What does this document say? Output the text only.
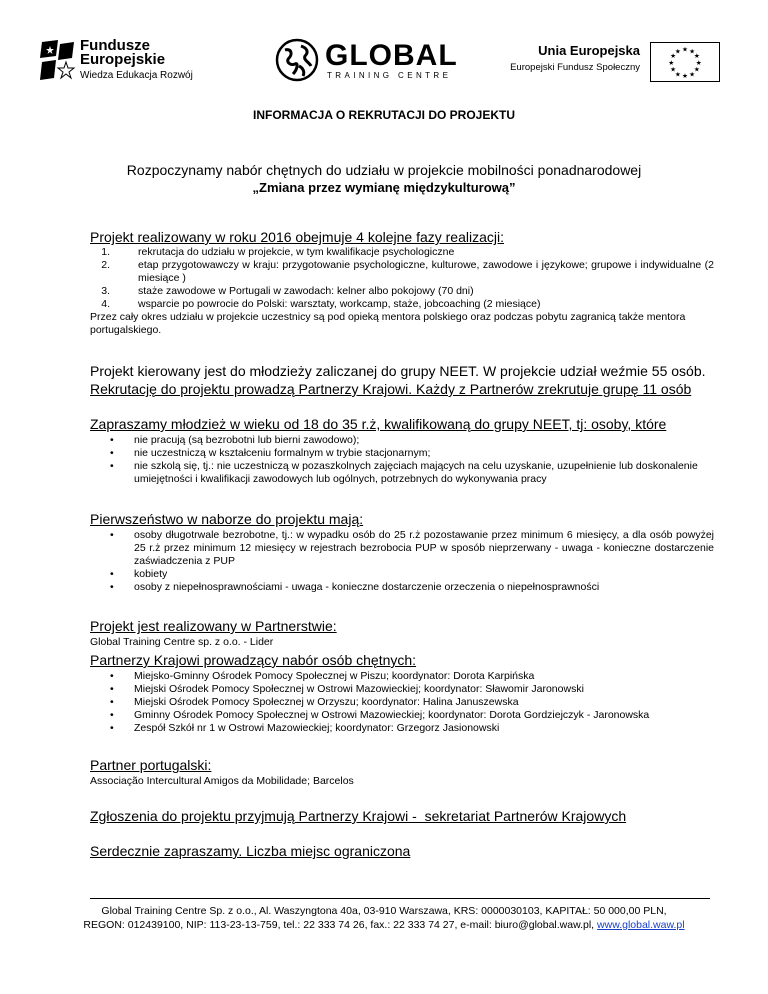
Fundusze
Europejskie
Wiedza Edukacja Rozwój
GLOBAL
TRAINING CENTRE
Unia Europejska
Europejski Fundusz Społeczny
★ ★
★
★
★
★
★
★
★
★
★
★
INFORMACJA O REKRUTACJI DO PROJEKTU
Rozpoczynamy nabór chętnych do udziału w projekcie mobilności ponadnarodowej
„Zmiana przez wymianę międzykulturową”
Projekt realizowany w roku 2016 obejmuje 4 kolejne fazy realizacji:
1.	rekrutacja do udziału w projekcie, w tym kwalifikacje psychologiczne
2.	etap przygotowawczy w kraju: przygotowanie psychologiczne, kulturowe, zawodowe i językowe; grupowe i indywidualne (2 miesiące )
3.	staże zawodowe w Portugali w zawodach: kelner albo pokojowy (70 dni)
4.	wsparcie po powrocie do Polski: warsztaty, workcamp, staże, jobcoaching (2 miesiące)
Przez cały okres udziału w projekcie uczestnicy są pod opieką mentora polskiego oraz podczas pobytu zagranicą także mentora portugalskiego.
Projekt kierowany jest do młodzieży zaliczanej do grupy NEET. W projekcie udział weźmie 55 osób.
Rekrutację do projektu prowadzą Partnerzy Krajowi. Każdy z Partnerów zrekrutuje grupę 11 osób
Zapraszamy młodzież w wieku od 18 do 35 r.ż, kwalifikowaną do grupy NEET, tj: osoby, które
• nie pracują (są bezrobotni lub bierni zawodowo);
• nie uczestniczą w kształceniu formalnym w trybie stacjonarnym;
• nie szkolą się, tj.: nie uczestniczą w pozaszkolnych zajęciach mających na celu uzyskanie, uzupełnienie lub doskonalenie umiejętności i kwalifikacji zawodowych lub ogólnych, potrzebnych do wykonywania pracy
Pierwszeństwo w naborze do projektu mają:
• osoby długotrwale bezrobotne, tj.: w wypadku osób do 25 r.ż pozostawanie przez minimum 6 miesięcy, a dla osób powyżej 25 r.ż przez minimum 12 miesięcy w rejestrach bezrobocia PUP w sposób nieprzerwany - uwaga - konieczne dostarczenie zaświadczenia z PUP
• kobiety
• osoby z niepełnosprawnościami - uwaga - konieczne dostarczenie orzeczenia o niepełnosprawności
Projekt jest realizowany w Partnerstwie:
Global Training Centre sp. z o.o. - Lider
Partnerzy Krajowi prowadzący nabór osób chętnych:
• Miejsko-Gminny Ośrodek Pomocy Społecznej w Piszu; koordynator: Dorota Karpińska
• Miejski Ośrodek Pomocy Społecznej w Ostrowi Mazowieckiej; koordynator: Sławomir Jaronowski
• Miejski Ośrodek Pomocy Społecznej w Orzyszu; koordynator: Halina Januszewska
• Gminny Ośrodek Pomocy Społecznej w Ostrowi Mazowieckiej; koordynator: Dorota Gordziejczyk - Jaronowska
• Zespół Szkół nr 1 w Ostrowi Mazowieckiej; koordynator: Grzegorz Jasionowski
Partner portugalski:
Associação Intercultural Amigos da Mobilidade; Barcelos
Zgłoszenia do projektu przyjmują Partnerzy Krajowi -  sekretariat Partnerów Krajowych
Serdecznie zapraszamy. Liczba miejsc ograniczona
Global Training Centre Sp. z o.o., Al. Waszyngtona 40a, 03-910 Warszawa, KRS: 0000030103, KAPITAŁ: 50 000,00 PLN,
REGON: 012439100, NIP: 113-23-13-759, tel.: 22 333 74 26, fax.: 22 333 74 27, e-mail: biuro@global.waw.pl, www.global.waw.pl
